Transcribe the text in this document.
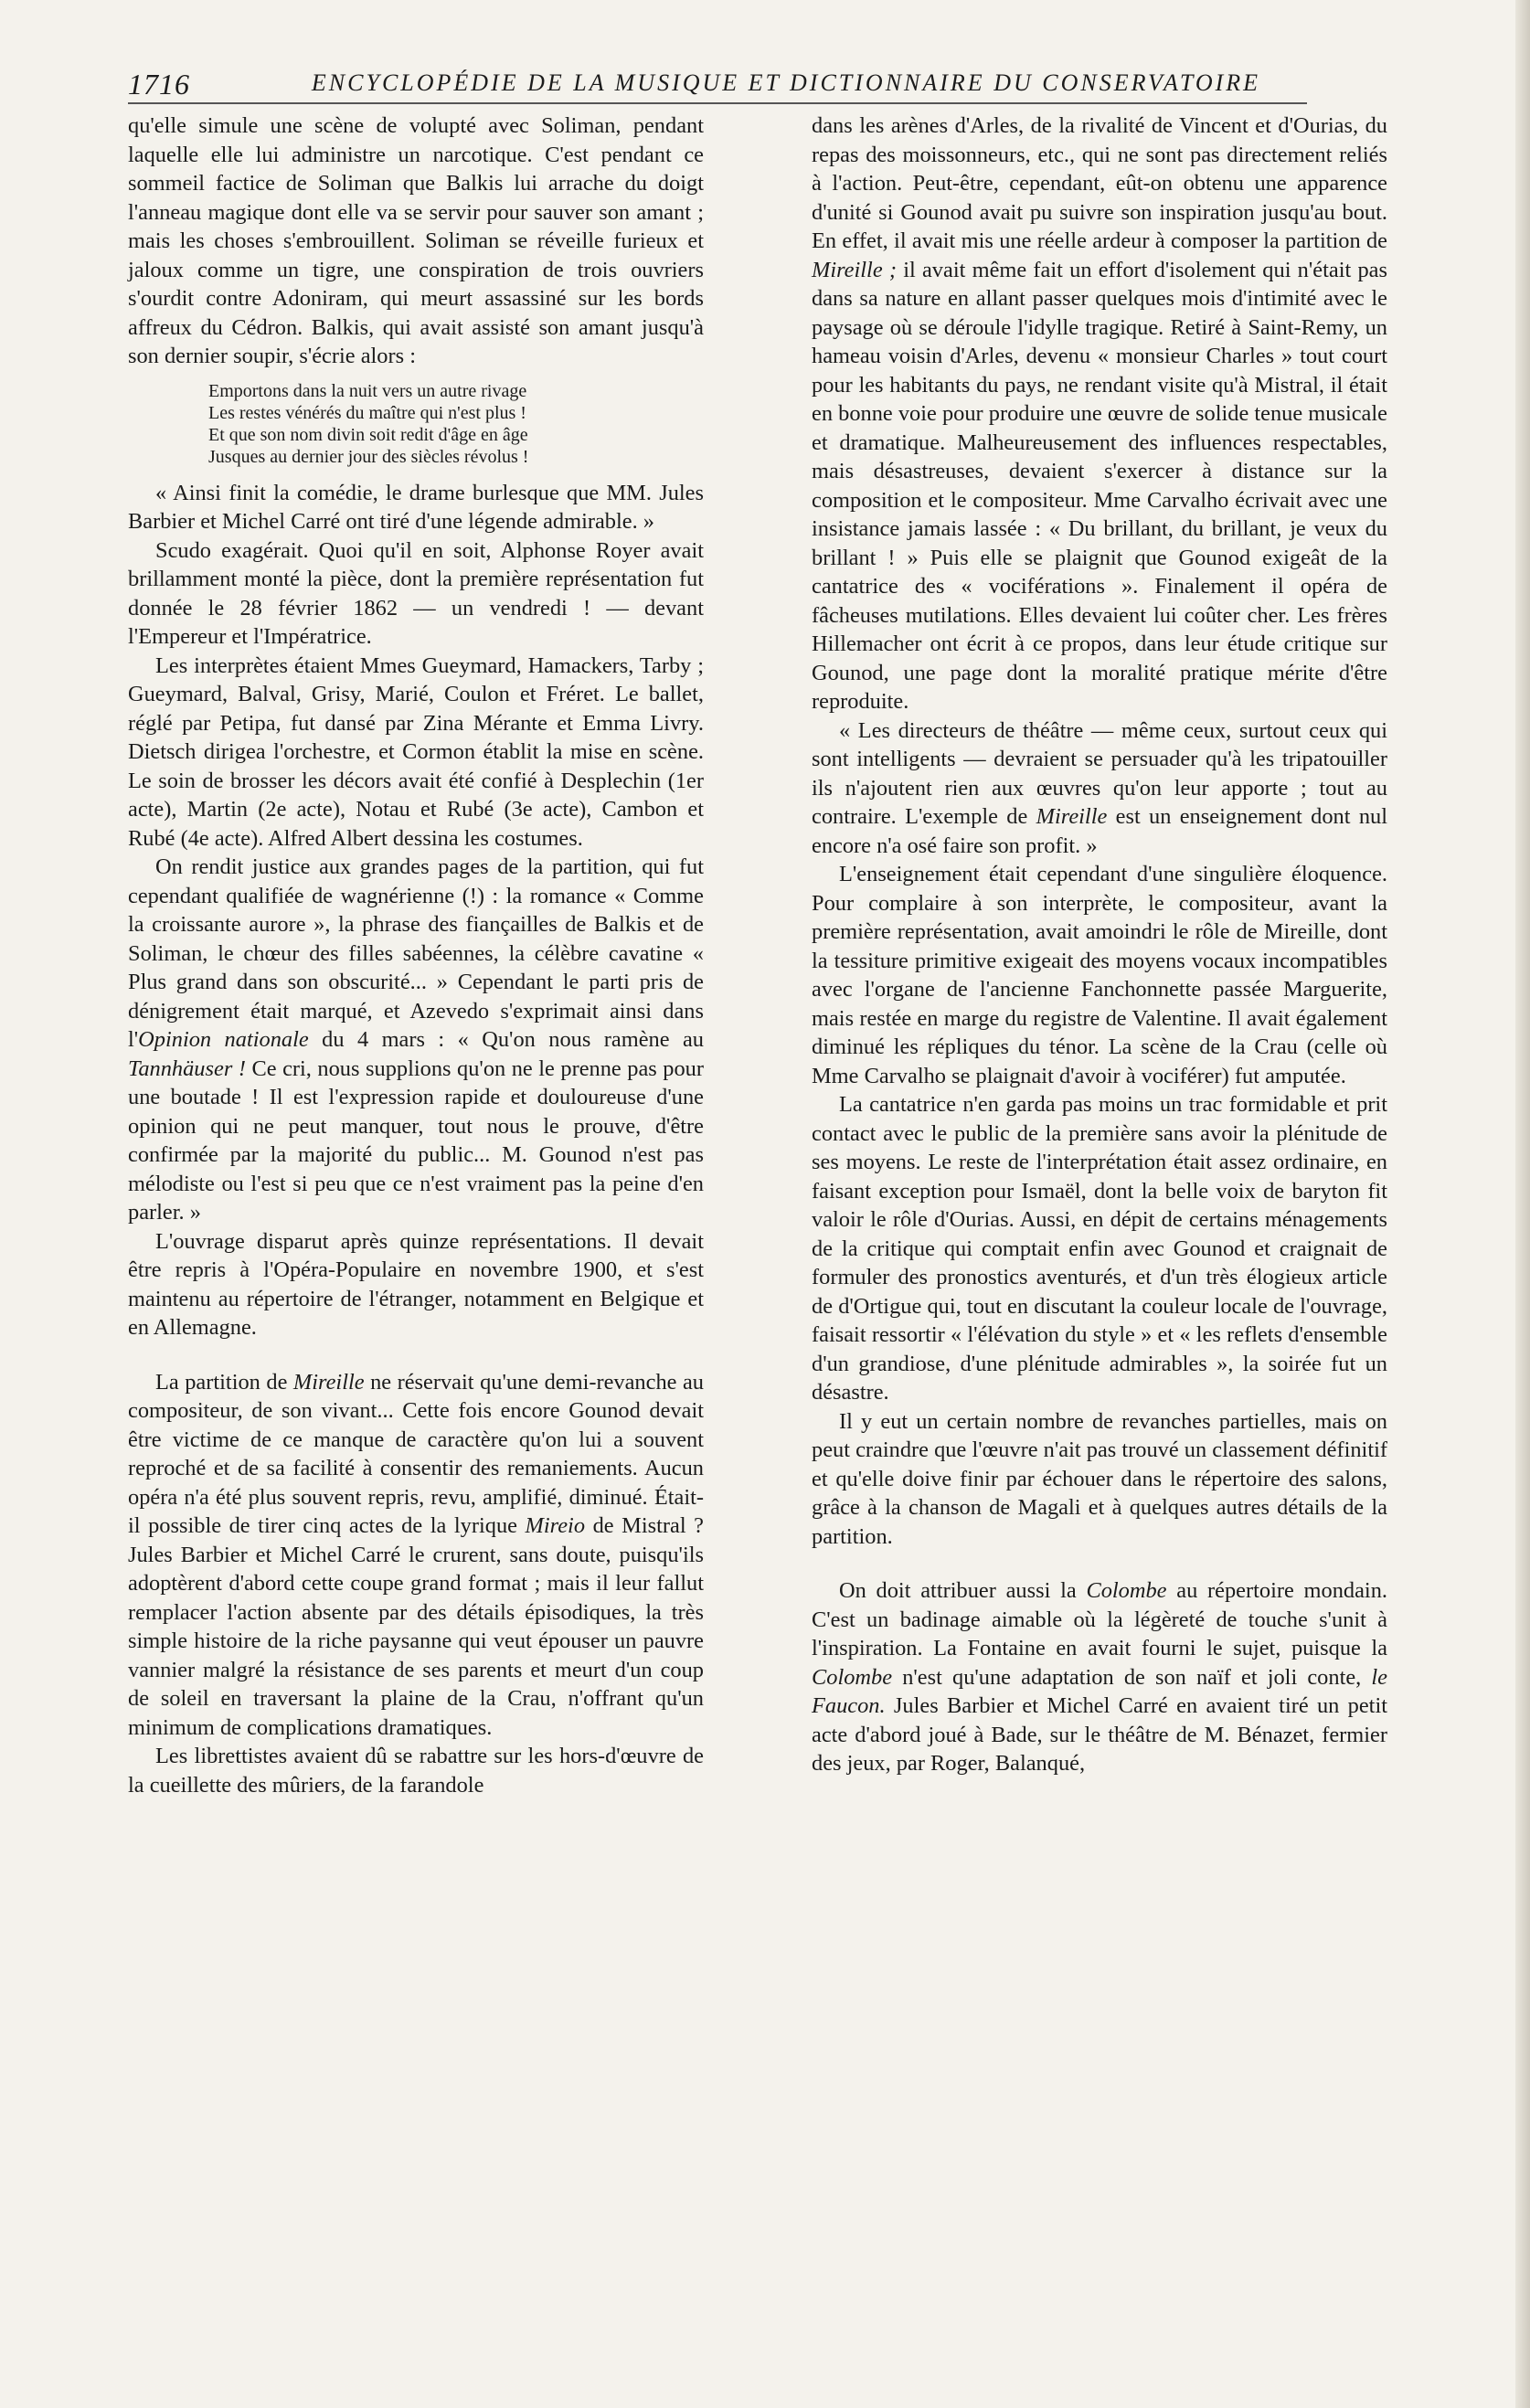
1716	ENCYCLOPÉDIE DE LA MUSIQUE ET DICTIONNAIRE DU CONSERVATOIRE

qu'elle simule une scène de volupté avec Soliman, pendant laquelle elle lui administre un narcotique. C'est pendant ce sommeil factice de Soliman que Balkis lui arrache du doigt l'anneau magique dont elle va se servir pour sauver son amant ; mais les choses s'embrouillent. Soliman se réveille furieux et jaloux comme un tigre, une conspiration de trois ouvriers s'ourdit contre Adoniram, qui meurt assassiné sur les bords affreux du Cédron. Balkis, qui avait assisté son amant jusqu'à son dernier soupir, s'écrie alors :

Emportons dans la nuit vers un autre rivage
Les restes vénérés du maître qui n'est plus !
Et que son nom divin soit redit d'âge en âge
Jusques au dernier jour des siècles révolus !

« Ainsi finit la comédie, le drame burlesque que MM. Jules Barbier et Michel Carré ont tiré d'une légende admirable. »

Scudo exagérait. Quoi qu'il en soit, Alphonse Royer avait brillamment monté la pièce, dont la première représentation fut donnée le 28 février 1862 — un vendredi ! — devant l'Empereur et l'Impératrice.

Les interprètes étaient Mmes Gueymard, Hamackers, Tarby ; Gueymard, Balval, Grisy, Marié, Coulon et Fréret. Le ballet, réglé par Petipa, fut dansé par Zina Mérante et Emma Livry. Dietsch dirigea l'orchestre, et Cormon établit la mise en scène. Le soin de brosser les décors avait été confié à Desplechin (1er acte), Martin (2e acte), Notau et Rubé (3e acte), Cambon et Rubé (4e acte). Alfred Albert dessina les costumes.

On rendit justice aux grandes pages de la partition, qui fut cependant qualifiée de wagnérienne (!) : la romance « Comme la croissante aurore », la phrase des fiançailles de Balkis et de Soliman, le chœur des filles sabéennes, la célèbre cavatine « Plus grand dans son obscurité... » Cependant le parti pris de dénigrement était marqué, et Azevedo s'exprimait ainsi dans l'Opinion nationale du 4 mars : « Qu'on nous ramène au Tannhäuser ! Ce cri, nous supplions qu'on ne le prenne pas pour une boutade ! Il est l'expression rapide et douloureuse d'une opinion qui ne peut manquer, tout nous le prouve, d'être confirmée par la majorité du public... M. Gounod n'est pas mélodiste ou l'est si peu que ce n'est vraiment pas la peine d'en parler. »

L'ouvrage disparut après quinze représentations. Il devait être repris à l'Opéra-Populaire en novembre 1900, et s'est maintenu au répertoire de l'étranger, notamment en Belgique et en Allemagne.

La partition de Mireille ne réservait qu'une demi-revanche au compositeur, de son vivant... Cette fois encore Gounod devait être victime de ce manque de caractère qu'on lui a souvent reproché et de sa facilité à consentir des remaniements. Aucun opéra n'a été plus souvent repris, revu, amplifié, diminué. Était-il possible de tirer cinq actes de la lyrique Mireio de Mistral ? Jules Barbier et Michel Carré le crurent, sans doute, puisqu'ils adoptèrent d'abord cette coupe grand format ; mais il leur fallut remplacer l'action absente par des détails épisodiques, la très simple histoire de la riche paysanne qui veut épouser un pauvre vannier malgré la résistance de ses parents et meurt d'un coup de soleil en traversant la plaine de la Crau, n'offrant qu'un minimum de complications dramatiques.

Les librettistes avaient dû se rabattre sur les hors-d'œuvre de la cueillette des mûriers, de la farandole

dans les arènes d'Arles, de la rivalité de Vincent et d'Ourias, du repas des moissonneurs, etc., qui ne sont pas directement reliés à l'action. Peut-être, cependant, eût-on obtenu une apparence d'unité si Gounod avait pu suivre son inspiration jusqu'au bout. En effet, il avait mis une réelle ardeur à composer la partition de Mireille ; il avait même fait un effort d'isolement qui n'était pas dans sa nature en allant passer quelques mois d'intimité avec le paysage où se déroule l'idylle tragique. Retiré à Saint-Remy, un hameau voisin d'Arles, devenu « monsieur Charles » tout court pour les habitants du pays, ne rendant visite qu'à Mistral, il était en bonne voie pour produire une œuvre de solide tenue musicale et dramatique. Malheureusement des influences respectables, mais désastreuses, devaient s'exercer à distance sur la composition et le compositeur. Mme Carvalho écrivait avec une insistance jamais lassée : « Du brillant, du brillant, je veux du brillant ! » Puis elle se plaignit que Gounod exigeât de la cantatrice des « vociférations ». Finalement il opéra de fâcheuses mutilations. Elles devaient lui coûter cher. Les frères Hillemacher ont écrit à ce propos, dans leur étude critique sur Gounod, une page dont la moralité pratique mérite d'être reproduite.

« Les directeurs de théâtre — même ceux, surtout ceux qui sont intelligents — devraient se persuader qu'à les tripatouiller ils n'ajoutent rien aux œuvres qu'on leur apporte ; tout au contraire. L'exemple de Mireille est un enseignement dont nul encore n'a osé faire son profit. »

L'enseignement était cependant d'une singulière éloquence. Pour complaire à son interprète, le compositeur, avant la première représentation, avait amoindri le rôle de Mireille, dont la tessiture primitive exigeait des moyens vocaux incompatibles avec l'organe de l'ancienne Fanchonnette passée Marguerite, mais restée en marge du registre de Valentine. Il avait également diminué les répliques du ténor. La scène de la Crau (celle où Mme Carvalho se plaignait d'avoir à vociférer) fut amputée.

La cantatrice n'en garda pas moins un trac formidable et prit contact avec le public de la première sans avoir la plénitude de ses moyens. Le reste de l'interprétation était assez ordinaire, en faisant exception pour Ismaël, dont la belle voix de baryton fit valoir le rôle d'Ourias. Aussi, en dépit de certains ménagements de la critique qui comptait enfin avec Gounod et craignait de formuler des pronostics aventurés, et d'un très élogieux article de d'Ortigue qui, tout en discutant la couleur locale de l'ouvrage, faisait ressortir « l'élévation du style » et « les reflets d'ensemble d'un grandiose, d'une plénitude admirables », la soirée fut un désastre.

Il y eut un certain nombre de revanches partielles, mais on peut craindre que l'œuvre n'ait pas trouvé un classement définitif et qu'elle doive finir par échouer dans le répertoire des salons, grâce à la chanson de Magali et à quelques autres détails de la partition.

On doit attribuer aussi la Colombe au répertoire mondain. C'est un badinage aimable où la légèreté de touche s'unit à l'inspiration. La Fontaine en avait fourni le sujet, puisque la Colombe n'est qu'une adaptation de son naïf et joli conte, le Faucon. Jules Barbier et Michel Carré en avaient tiré un petit acte d'abord joué à Bade, sur le théâtre de M. Bénazet, fermier des jeux, par Roger, Balanqué,
